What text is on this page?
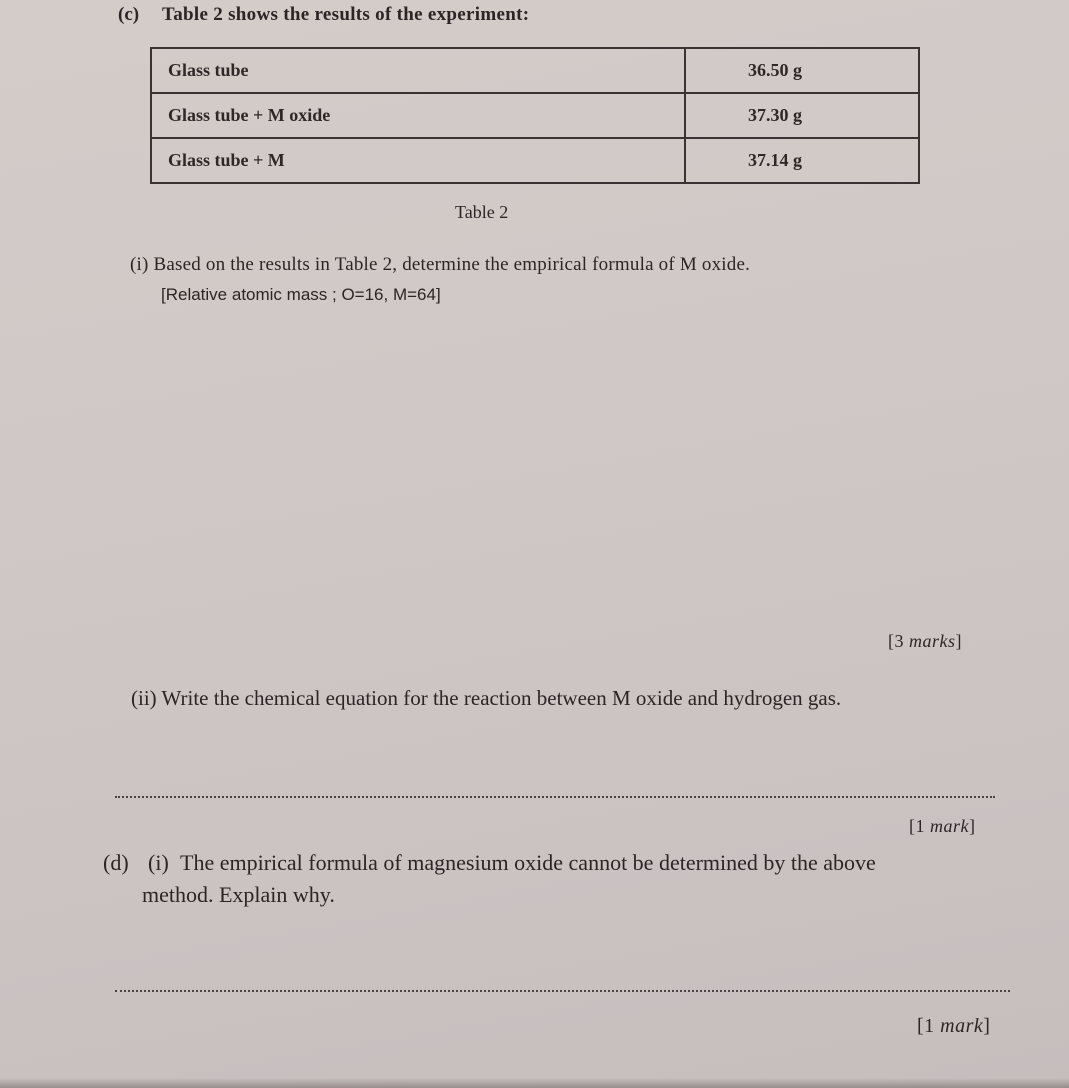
(c) Table 2 shows the results of the experiment:
Glass tube	36.50 g
Glass tube + M oxide	37.30 g
Glass tube + M	37.14 g
Table 2
(i) Based on the results in Table 2, determine the empirical formula of M oxide.
[Relative atomic mass ; O=16, M=64]
[3 marks]
(ii) Write the chemical equation for the reaction between M oxide and hydrogen gas.
[1 mark]
(d) (i) The empirical formula of magnesium oxide cannot be determined by the above
method. Explain why.
[1 mark]
